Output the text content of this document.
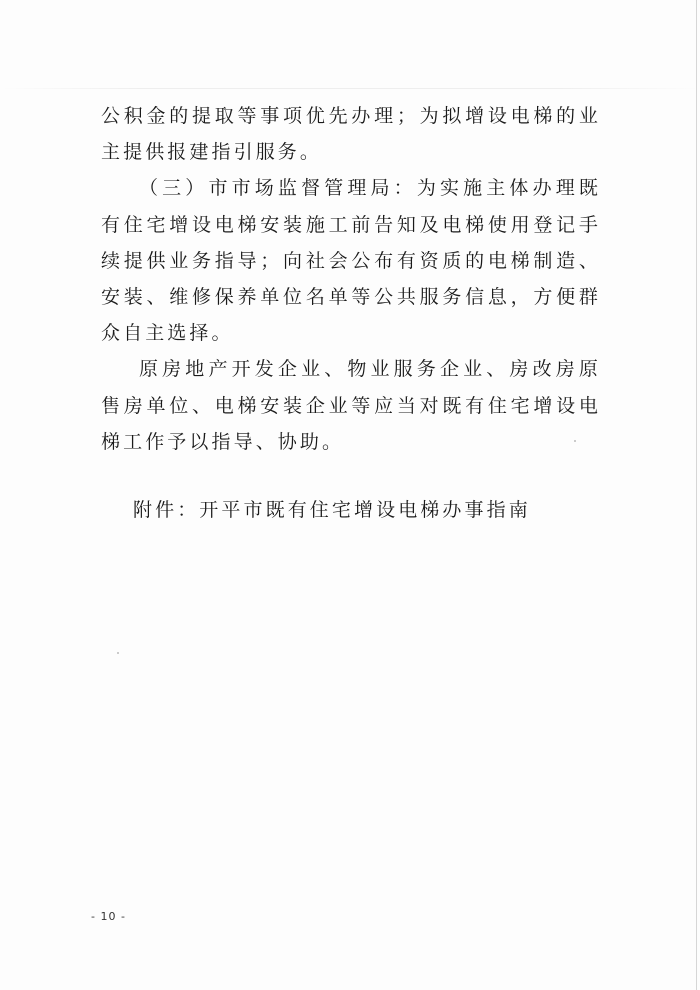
公积金的提取等事项优先办理；为拟增设电梯的业主提供报建指引服务。

（三）市市场监督管理局：为实施主体办理既有住宅增设电梯安装施工前告知及电梯使用登记手续提供业务指导；向社会公布有资质的电梯制造、安装、维修保养单位名单等公共服务信息，方便群众自主选择。

原房地产开发企业、物业服务企业、房改房原售房单位、电梯安装企业等应当对既有住宅增设电梯工作予以指导、协助。

附件：开平市既有住宅增设电梯办事指南

- 10 -
